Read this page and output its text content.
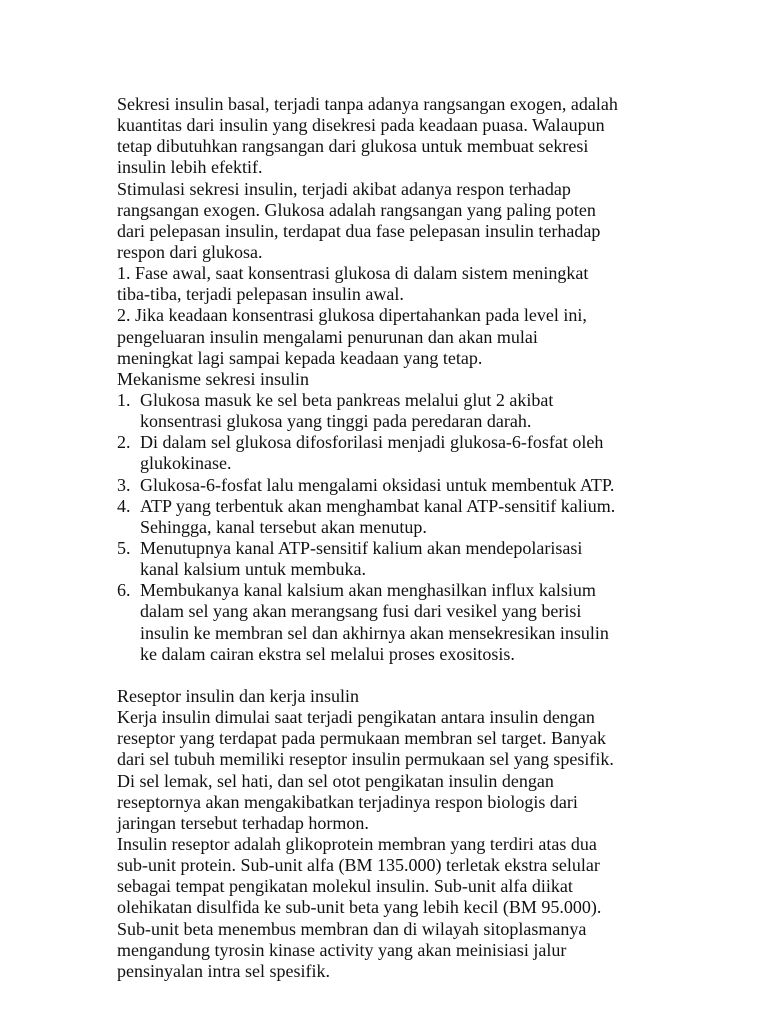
Sekresi insulin basal, terjadi tanpa adanya rangsangan exogen, adalah
kuantitas dari insulin yang disekresi pada keadaan puasa. Walaupun
tetap dibutuhkan rangsangan dari glukosa untuk membuat sekresi
insulin lebih efektif.
Stimulasi sekresi insulin, terjadi akibat adanya respon terhadap
rangsangan exogen. Glukosa adalah rangsangan yang paling poten
dari pelepasan insulin, terdapat dua fase pelepasan insulin terhadap
respon dari glukosa.
1. Fase awal, saat konsentrasi glukosa di dalam sistem meningkat
tiba-tiba, terjadi pelepasan insulin awal.
2. Jika keadaan konsentrasi glukosa dipertahankan pada level ini,
pengeluaran insulin mengalami penurunan dan akan mulai
meningkat lagi sampai kepada keadaan yang tetap.
Mekanisme sekresi insulin
1. Glukosa masuk ke sel beta pankreas melalui glut 2 akibat
konsentrasi glukosa yang tinggi pada peredaran darah.
2. Di dalam sel glukosa difosforilasi menjadi glukosa-6-fosfat oleh
glukokinase.
3. Glukosa-6-fosfat lalu mengalami oksidasi untuk membentuk ATP.
4. ATP yang terbentuk akan menghambat kanal ATP-sensitif kalium.
Sehingga, kanal tersebut akan menutup.
5. Menutupnya kanal ATP-sensitif kalium akan mendepolarisasi
kanal kalsium untuk membuka.
6. Membukanya kanal kalsium akan menghasilkan influx kalsium
dalam sel yang akan merangsang fusi dari vesikel yang berisi
insulin ke membran sel dan akhirnya akan mensekresikan insulin
ke dalam cairan ekstra sel melalui proses exositosis.
Reseptor insulin dan kerja insulin
Kerja insulin dimulai saat terjadi pengikatan antara insulin dengan
reseptor yang terdapat pada permukaan membran sel target. Banyak
dari sel tubuh memiliki reseptor insulin permukaan sel yang spesifik.
Di sel lemak, sel hati, dan sel otot pengikatan insulin dengan
reseptornya akan mengakibatkan terjadinya respon biologis dari
jaringan tersebut terhadap hormon.
Insulin reseptor adalah glikoprotein membran yang terdiri atas dua
sub-unit protein. Sub-unit alfa (BM 135.000) terletak ekstra selular
sebagai tempat pengikatan molekul insulin. Sub-unit alfa diikat
olehikatan disulfida ke sub-unit beta yang lebih kecil (BM 95.000).
Sub-unit beta menembus membran dan di wilayah sitoplasmanya
mengandung tyrosin kinase activity yang akan meinisiasi jalur
pensinyalan intra sel spesifik.
